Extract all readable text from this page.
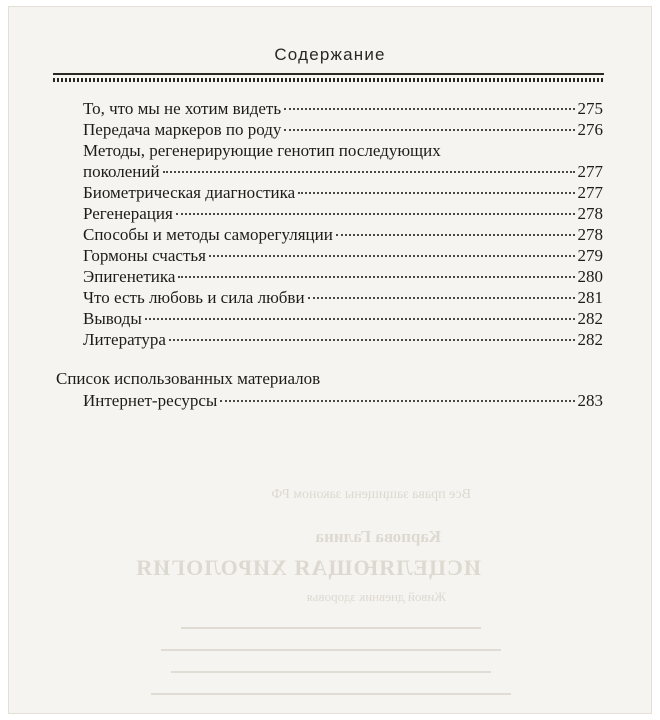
Все права защищены законом РФ
Карпова Галина
ИСЦЕЛЯЮЩАЯ ХИРОЛОГИЯ
Живой дневник здоровья
Содержание
То, что мы не хотим видеть	275
Передача маркеров по роду	276
Методы, регенерирующие генотип последующих
поколений	277
Биометрическая диагностика	277
Регенерация	278
Способы и методы саморегуляции	278
Гормоны счастья	279
Эпигенетика	280
Что есть любовь и сила любви	281
Выводы	282
Литература	282
Список использованных материалов
Интернет-ресурсы	283
